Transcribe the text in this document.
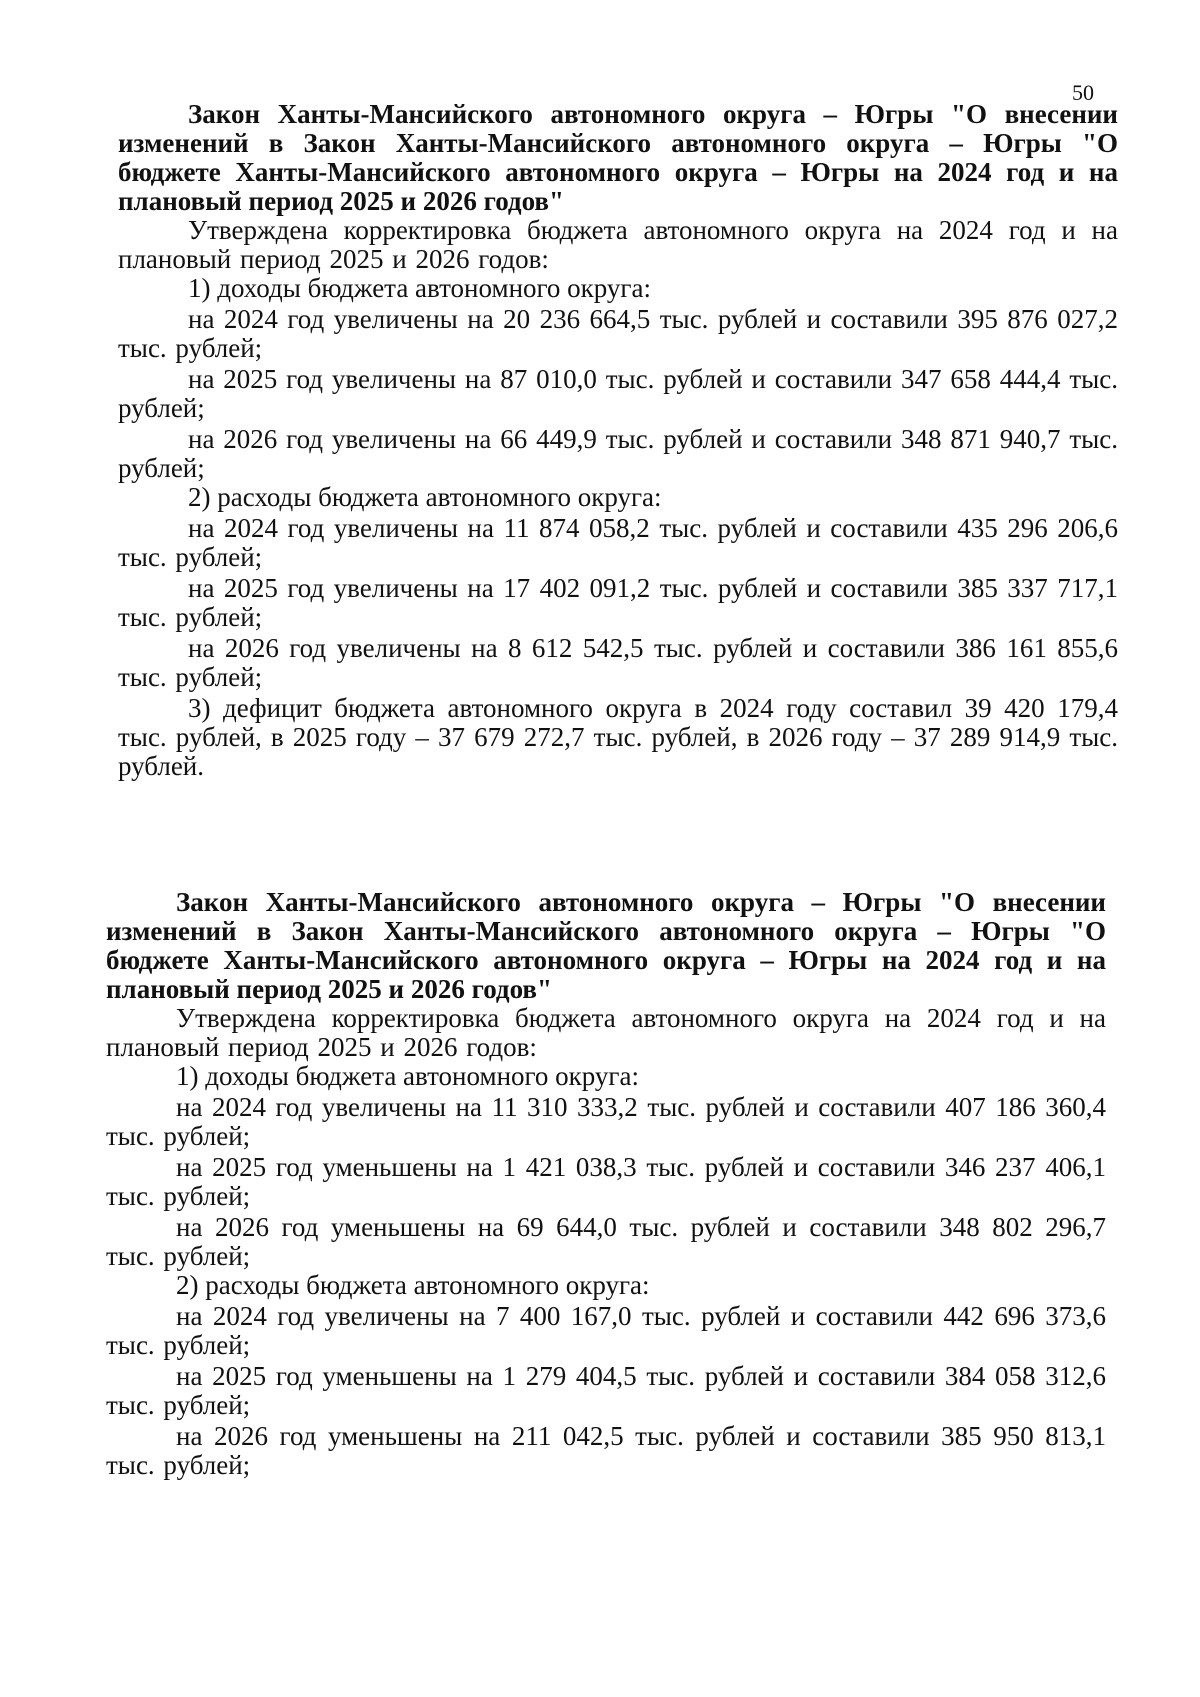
50

Закон Ханты-Мансийского автономного округа – Югры "О внесении изменений в Закон Ханты-Мансийского автономного округа – Югры "О бюджете Ханты-Мансийского автономного округа – Югры на 2024 год и на плановый период 2025 и 2026 годов"

Утверждена корректировка бюджета автономного округа на 2024 год и на плановый период 2025 и 2026 годов:

1) доходы бюджета автономного округа:

на 2024 год увеличены на 20 236 664,5 тыс. рублей и составили 395 876 027,2 тыс. рублей;

на 2025 год увеличены на 87 010,0 тыс. рублей и составили 347 658 444,4 тыс. рублей;

на 2026 год увеличены на 66 449,9 тыс. рублей и составили 348 871 940,7 тыс. рублей;

2) расходы бюджета автономного округа:

на 2024 год увеличены на 11 874 058,2 тыс. рублей и составили 435 296 206,6 тыс. рублей;

на 2025 год увеличены на 17 402 091,2 тыс. рублей и составили 385 337 717,1 тыс. рублей;

на 2026 год увеличены на 8 612 542,5 тыс. рублей и составили 386 161 855,6 тыс. рублей;

3) дефицит бюджета автономного округа в 2024 году составил 39 420 179,4 тыс. рублей, в 2025 году – 37 679 272,7 тыс. рублей, в 2026 году – 37 289 914,9 тыс. рублей.

Закон Ханты-Мансийского автономного округа – Югры "О внесении изменений в Закон Ханты-Мансийского автономного округа – Югры "О бюджете Ханты-Мансийского автономного округа – Югры на 2024 год и на плановый период 2025 и 2026 годов"

Утверждена корректировка бюджета автономного округа на 2024 год и на плановый период 2025 и 2026 годов:

1) доходы бюджета автономного округа:

на 2024 год увеличены на 11 310 333,2 тыс. рублей и составили 407 186 360,4 тыс. рублей;

на 2025 год уменьшены на 1 421 038,3 тыс. рублей и составили 346 237 406,1 тыс. рублей;

на 2026 год уменьшены на 69 644,0 тыс. рублей и составили 348 802 296,7 тыс. рублей;

2) расходы бюджета автономного округа:

на 2024 год увеличены на 7 400 167,0 тыс. рублей и составили 442 696 373,6 тыс. рублей;

на 2025 год уменьшены на 1 279 404,5 тыс. рублей и составили 384 058 312,6 тыс. рублей;

на 2026 год уменьшены на 211 042,5 тыс. рублей и составили 385 950 813,1 тыс. рублей;
